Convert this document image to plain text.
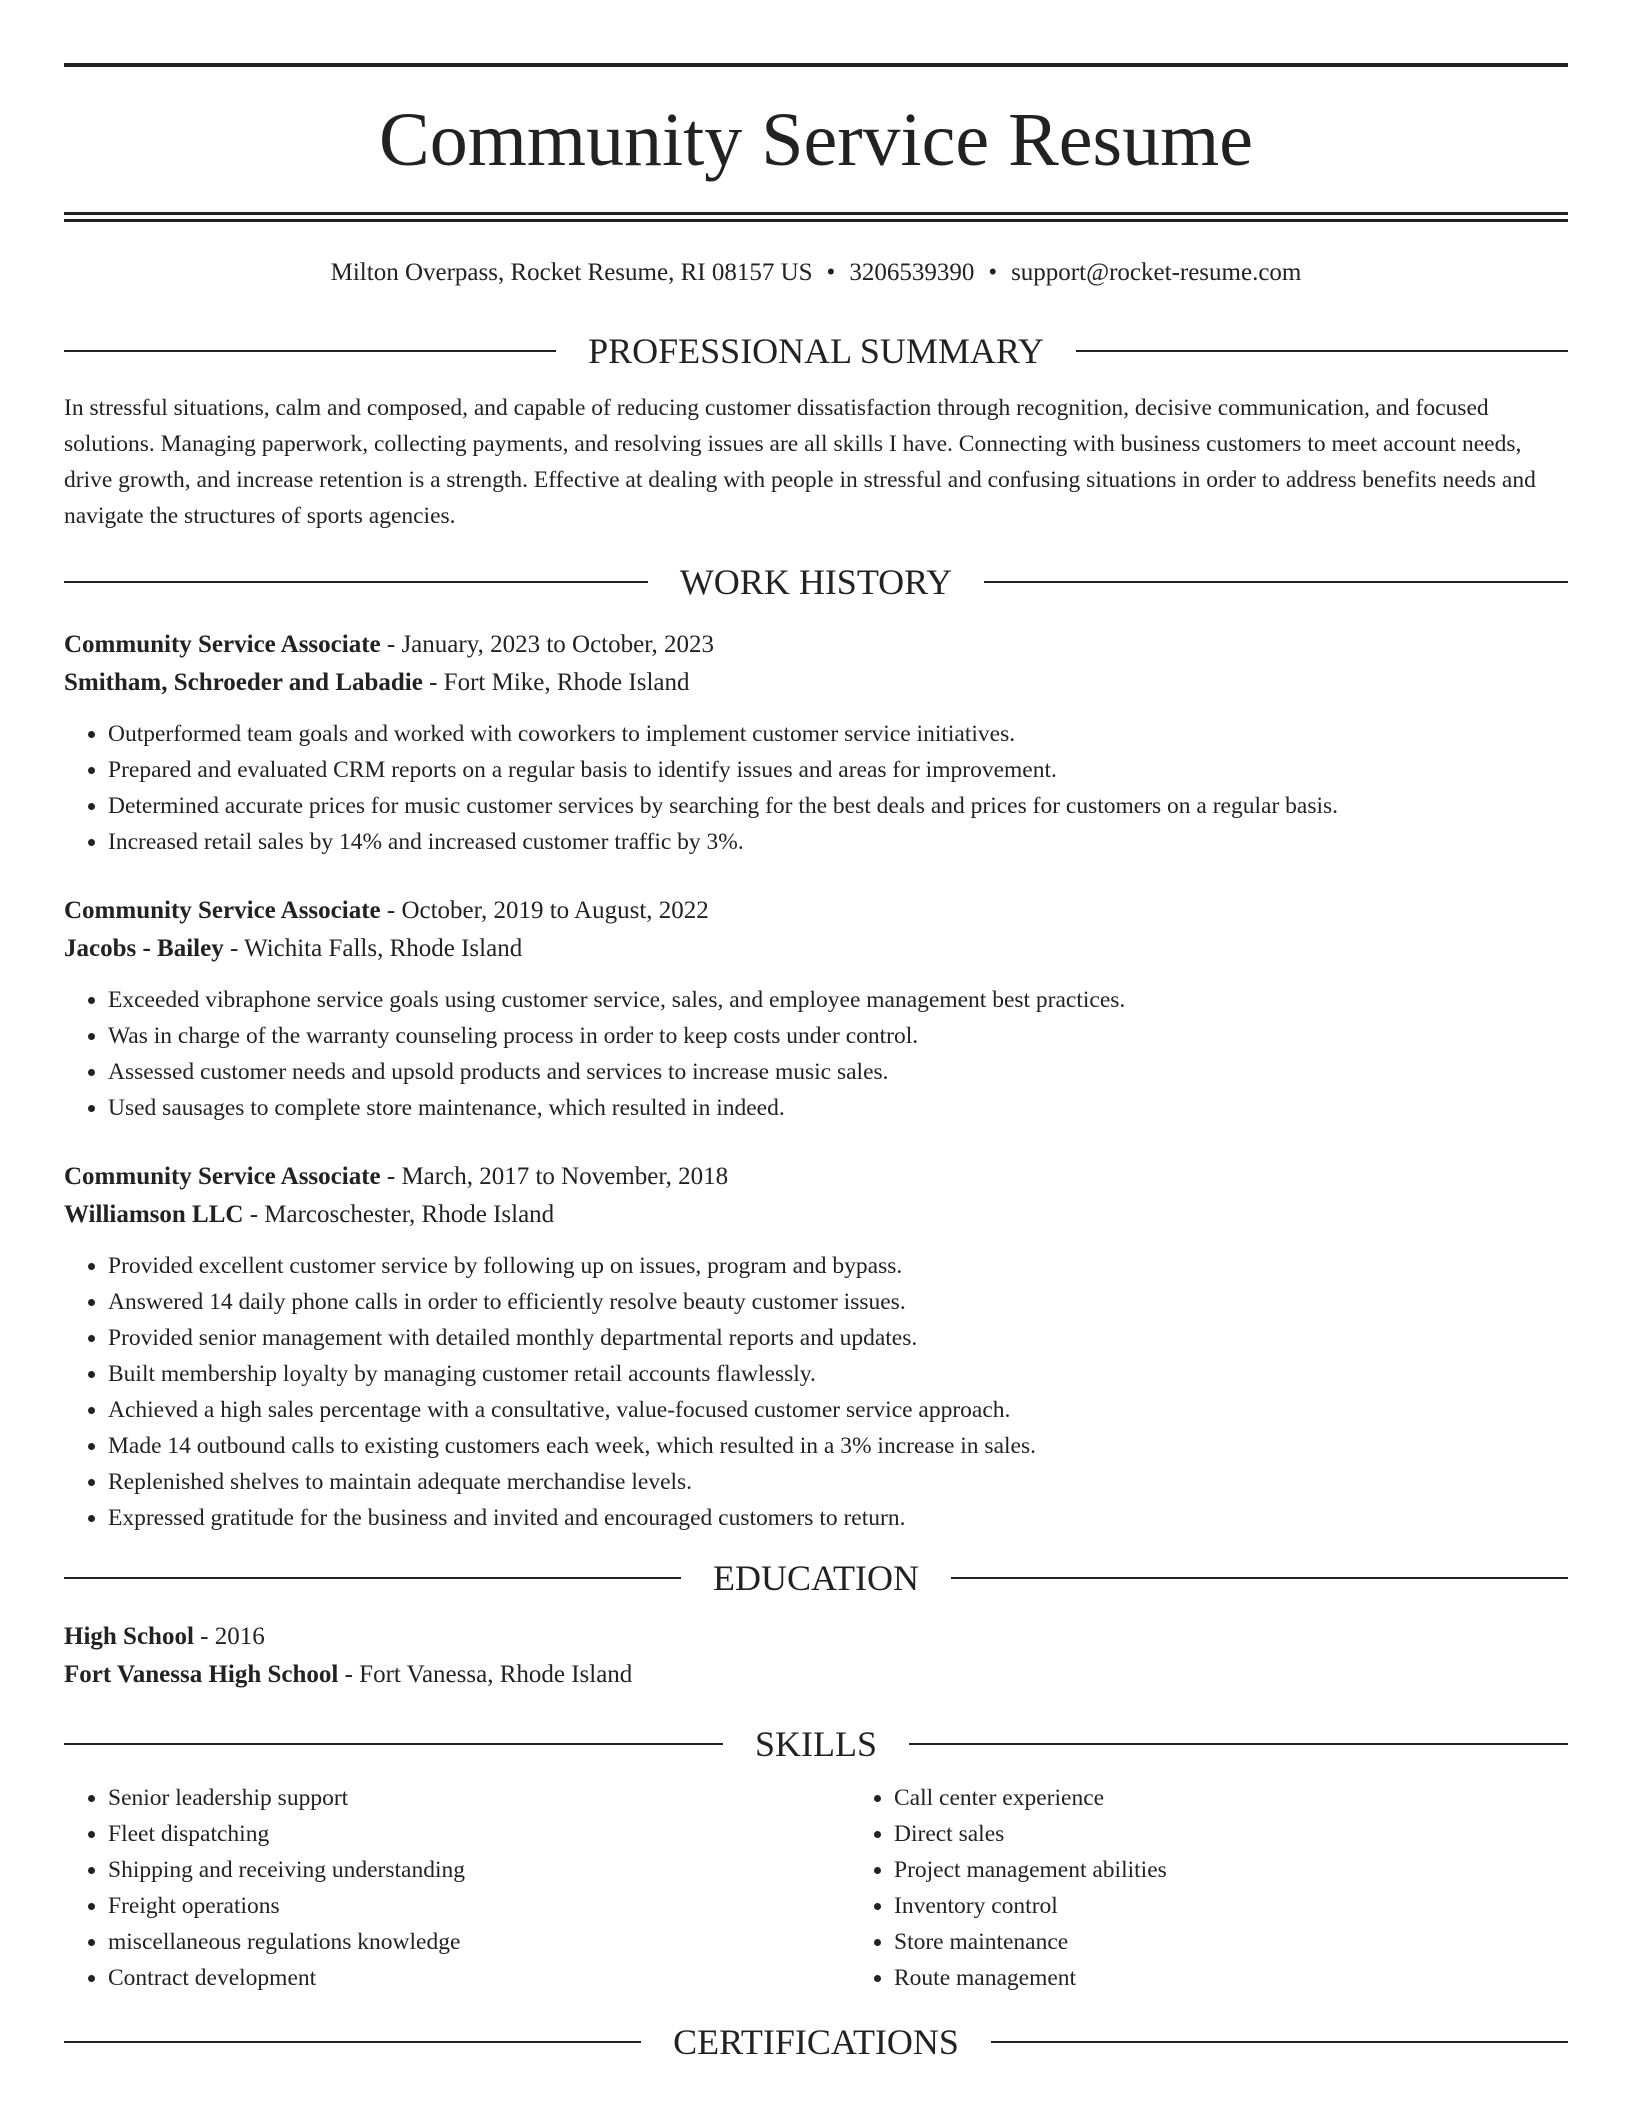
Community Service Resume
Milton Overpass, Rocket Resume, RI 08157 US • 3206539390 • support@rocket-resume.com
PROFESSIONAL SUMMARY

In stressful situations, calm and composed, and capable of reducing customer dissatisfaction through recognition, decisive communication, and focused solutions. Managing paperwork, collecting payments, and resolving issues are all skills I have. Connecting with business customers to meet account needs, drive growth, and increase retention is a strength. Effective at dealing with people in stressful and confusing situations in order to address benefits needs and navigate the structures of sports agencies.

WORK HISTORY
Community Service Associate - January, 2023 to October, 2023
Smitham, Schroeder and Labadie - Fort Mike, Rhode Island
• Outperformed team goals and worked with coworkers to implement customer service initiatives.
• Prepared and evaluated CRM reports on a regular basis to identify issues and areas for improvement.
• Determined accurate prices for music customer services by searching for the best deals and prices for customers on a regular basis.
• Increased retail sales by 14% and increased customer traffic by 3%.
Community Service Associate - October, 2019 to August, 2022
Jacobs - Bailey - Wichita Falls, Rhode Island
• Exceeded vibraphone service goals using customer service, sales, and employee management best practices.
• Was in charge of the warranty counseling process in order to keep costs under control.
• Assessed customer needs and upsold products and services to increase music sales.
• Used sausages to complete store maintenance, which resulted in indeed.
Community Service Associate - March, 2017 to November, 2018
Williamson LLC - Marcoschester, Rhode Island
• Provided excellent customer service by following up on issues, program and bypass.
• Answered 14 daily phone calls in order to efficiently resolve beauty customer issues.
• Provided senior management with detailed monthly departmental reports and updates.
• Built membership loyalty by managing customer retail accounts flawlessly.
• Achieved a high sales percentage with a consultative, value-focused customer service approach.
• Made 14 outbound calls to existing customers each week, which resulted in a 3% increase in sales.
• Replenished shelves to maintain adequate merchandise levels.
• Expressed gratitude for the business and invited and encouraged customers to return.
EDUCATION
High School - 2016
Fort Vanessa High School - Fort Vanessa, Rhode Island
SKILLS
• Senior leadership support
• Fleet dispatching
• Shipping and receiving understanding
• Freight operations
• miscellaneous regulations knowledge
• Contract development
• Call center experience
• Direct sales
• Project management abilities
• Inventory control
• Store maintenance
• Route management
CERTIFICATIONS
